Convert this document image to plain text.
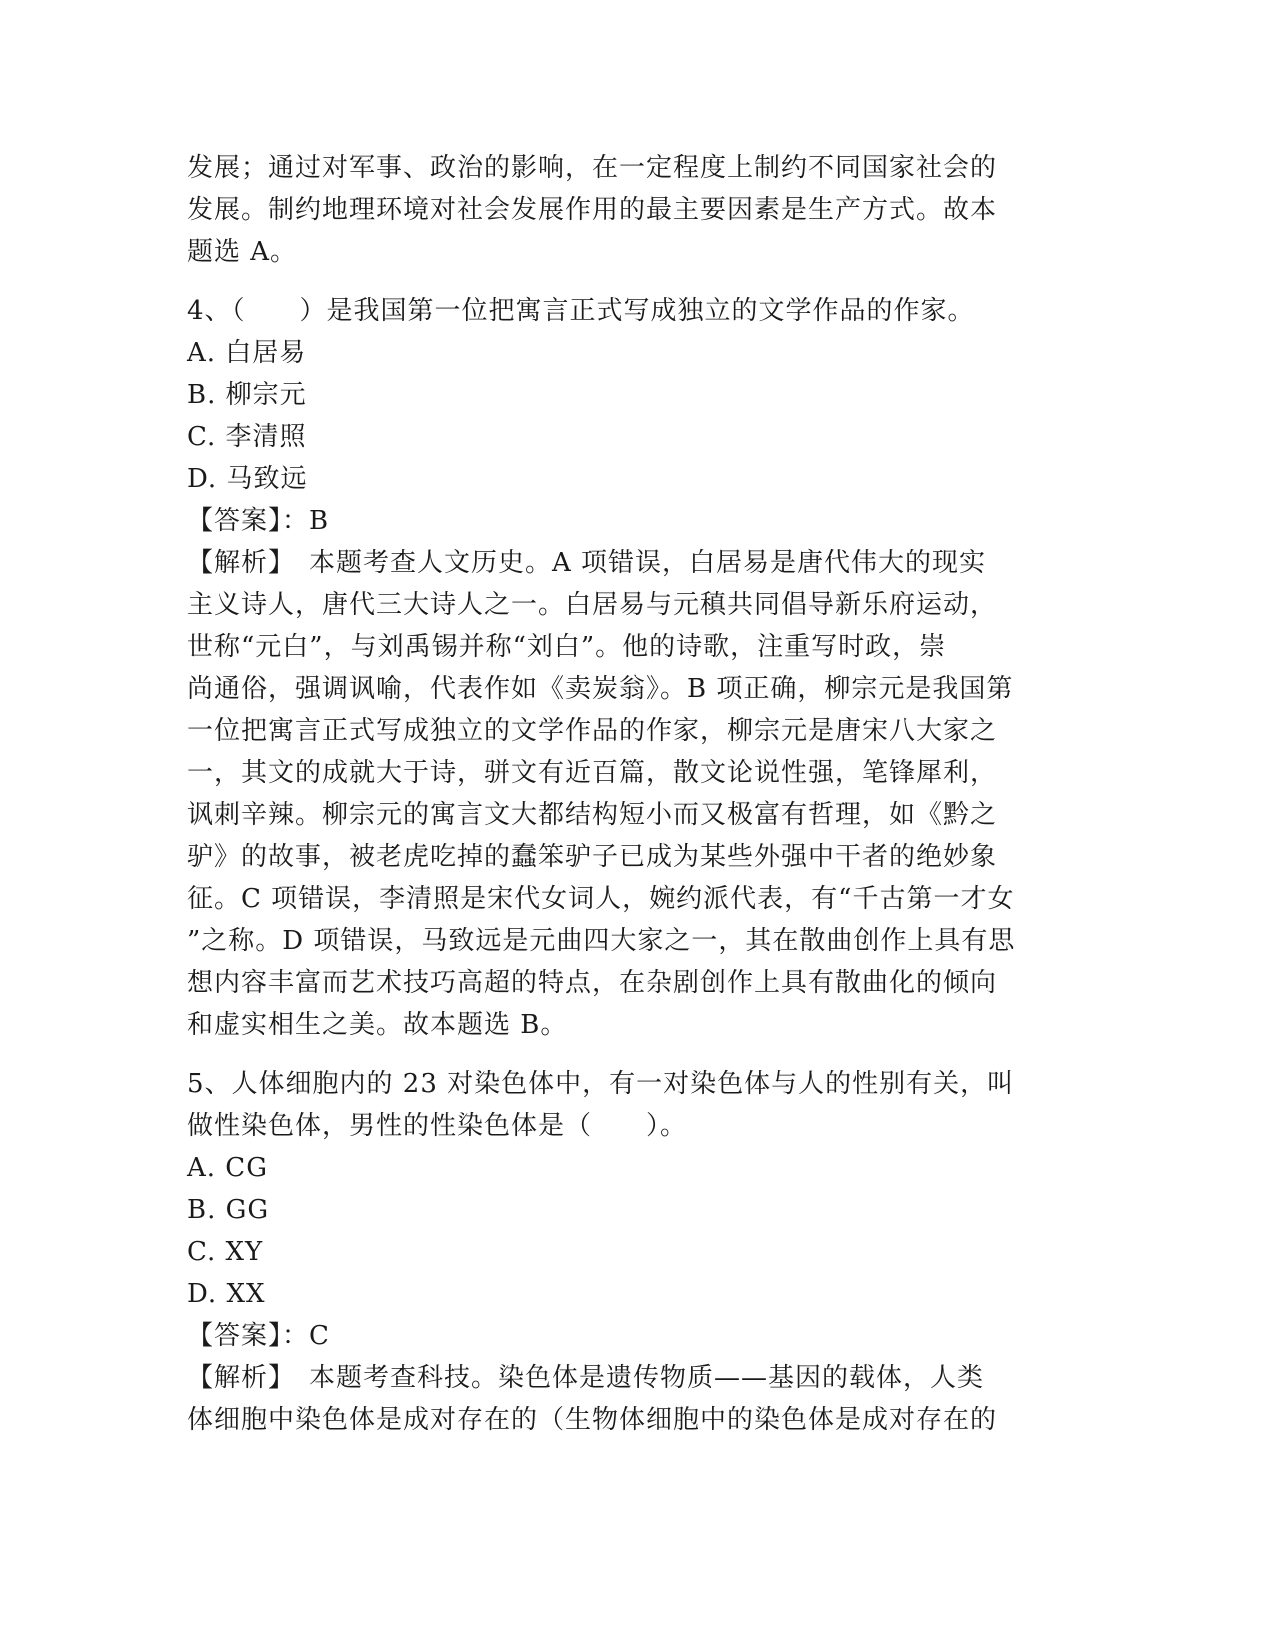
发展；通过对军事、政治的影响，在一定程度上制约不同国家社会的
发展。制约地理环境对社会发展作用的最主要因素是生产方式。故本
题选 A。
4、（　　）是我国第一位把寓言正式写成独立的文学作品的作家。
A. 白居易
B. 柳宗元
C. 李清照
D. 马致远
【答案】：B
【解析】　本题考查人文历史。A 项错误，白居易是唐代伟大的现实
主义诗人，唐代三大诗人之一。白居易与元稹共同倡导新乐府运动，
世称“元白”，与刘禹锡并称“刘白”。他的诗歌，注重写时政，崇
尚通俗，强调讽喻，代表作如《卖炭翁》。B 项正确，柳宗元是我国第
一位把寓言正式写成独立的文学作品的作家，柳宗元是唐宋八大家之
一，其文的成就大于诗，骈文有近百篇，散文论说性强，笔锋犀利，
讽刺辛辣。柳宗元的寓言文大都结构短小而又极富有哲理，如《黔之
驴》的故事，被老虎吃掉的蠢笨驴子已成为某些外强中干者的绝妙象
征。C 项错误，李清照是宋代女词人，婉约派代表，有“千古第一才女
”之称。D 项错误，马致远是元曲四大家之一，其在散曲创作上具有思
想内容丰富而艺术技巧高超的特点，在杂剧创作上具有散曲化的倾向
和虚实相生之美。故本题选 B。
5、人体细胞内的 23 对染色体中，有一对染色体与人的性别有关，叫
做性染色体，男性的性染色体是（　　）。
A. CG
B. GG
C. XY
D. XX
【答案】：C
【解析】　本题考查科技。染色体是遗传物质——基因的载体，人类
体细胞中染色体是成对存在的（生物体细胞中的染色体是成对存在的
